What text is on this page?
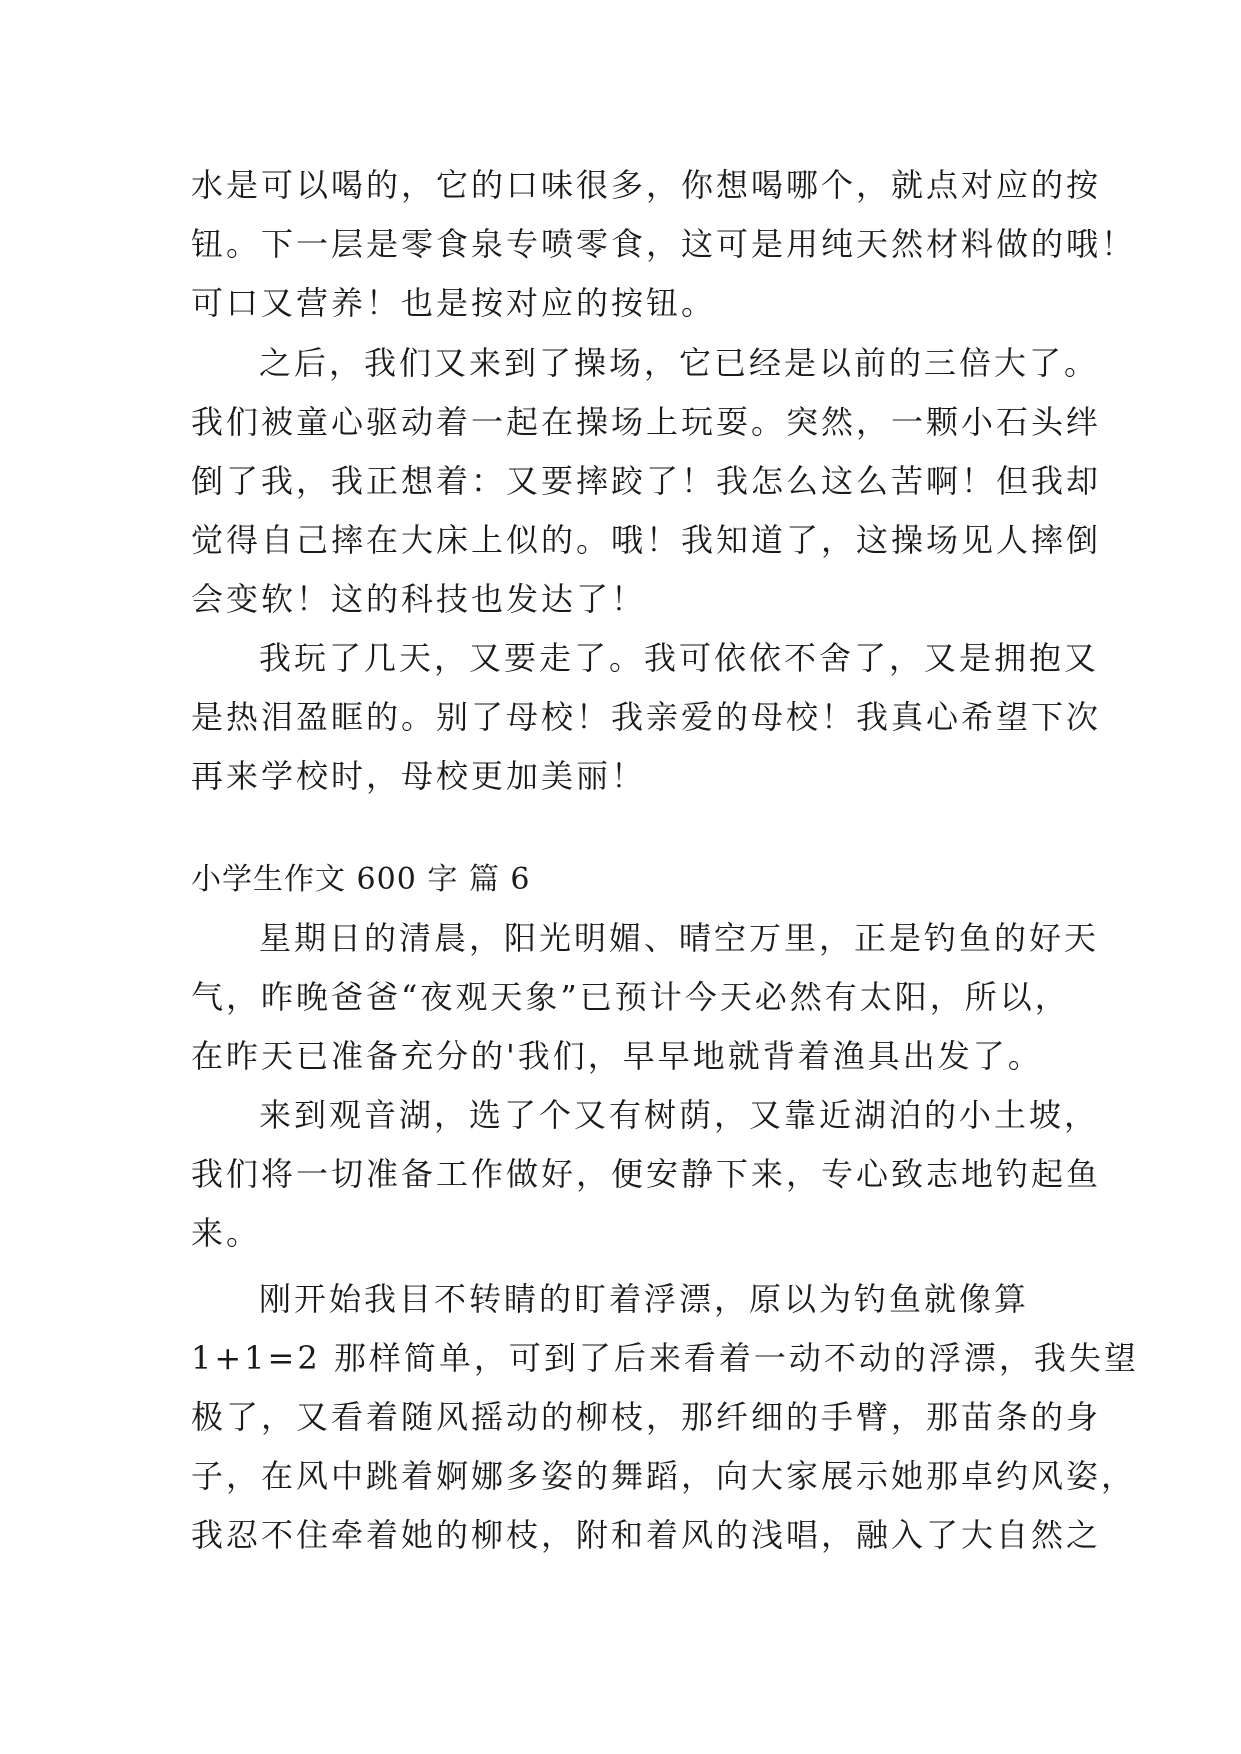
水是可以喝的，它的口味很多，你想喝哪个，就点对应的按
钮。下一层是零食泉专喷零食，这可是用纯天然材料做的哦！
可口又营养！也是按对应的按钮。
之后，我们又来到了操场，它已经是以前的三倍大了。
我们被童心驱动着一起在操场上玩耍。突然，一颗小石头绊
倒了我，我正想着：又要摔跤了！我怎么这么苦啊！但我却
觉得自己摔在大床上似的。哦！我知道了，这操场见人摔倒
会变软！这的科技也发达了！
我玩了几天，又要走了。我可依依不舍了，又是拥抱又
是热泪盈眶的。别了母校！我亲爱的母校！我真心希望下次
再来学校时，母校更加美丽！
小学生作文 600 字 篇 6
星期日的清晨，阳光明媚、晴空万里，正是钓鱼的好天
气，昨晚爸爸“夜观天象”已预计今天必然有太阳，所以，
在昨天已准备充分的'我们，早早地就背着渔具出发了。
来到观音湖，选了个又有树荫，又靠近湖泊的小土坡，
我们将一切准备工作做好，便安静下来，专心致志地钓起鱼
来。
刚开始我目不转睛的盯着浮漂，原以为钓鱼就像算
1+1=2 那样简单，可到了后来看着一动不动的浮漂，我失望
极了，又看着随风摇动的柳枝，那纤细的手臂，那苗条的身
子，在风中跳着婀娜多姿的舞蹈，向大家展示她那卓约风姿，
我忍不住牵着她的柳枝，附和着风的浅唱，融入了大自然之
